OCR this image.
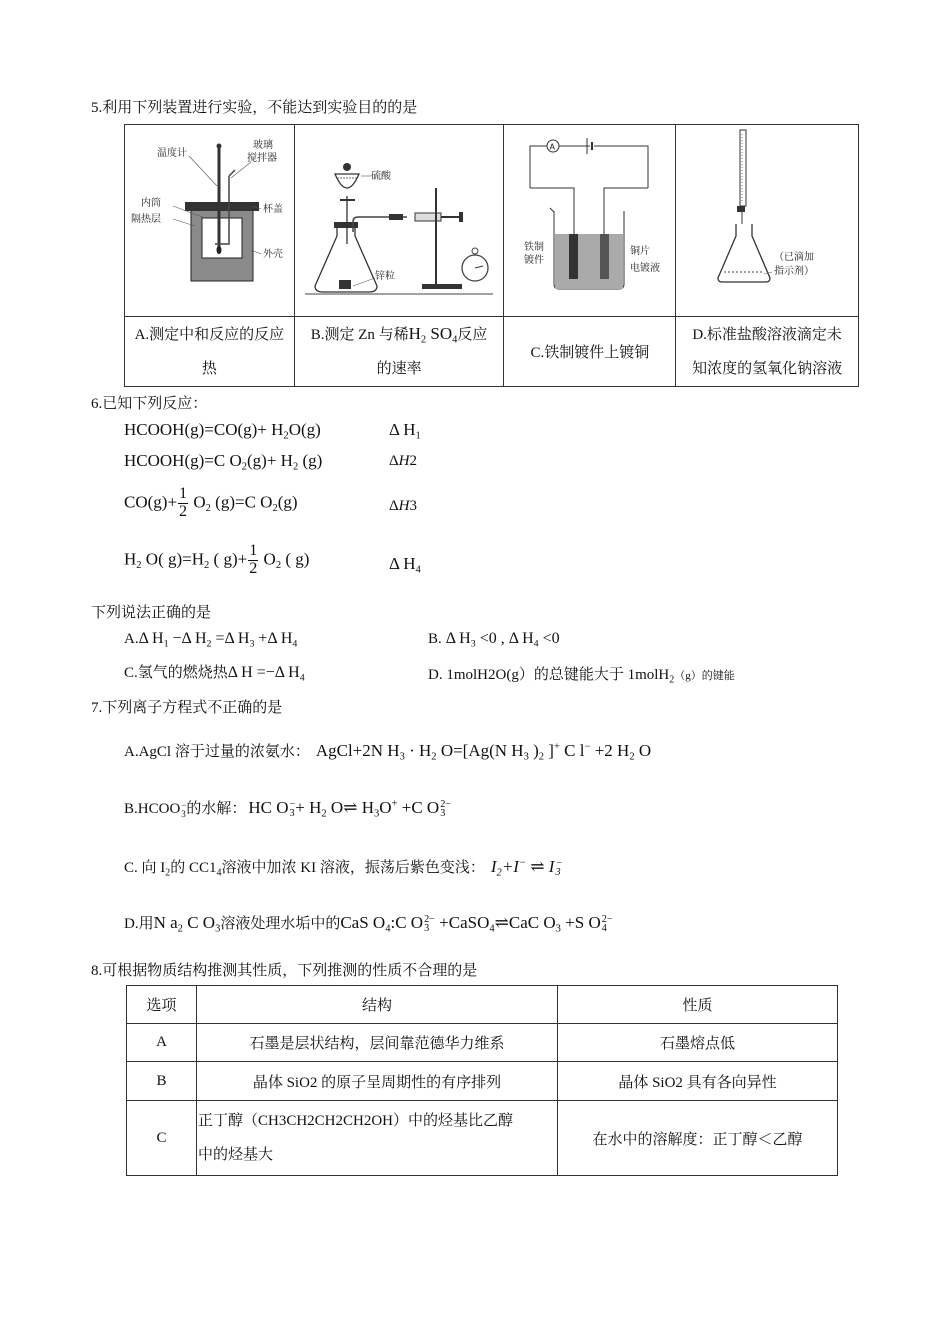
5.利用下列装置进行实验，不能达到实验目的的是
温度计
玻璃
搅拌器
内筒
杯盖
隔热层
外壳

硫酸
锌粒

A
铁制
镀件
铜片
电镀液

（已滴加
指示剂）

A.测定中和反应的反应
热

B.测定 Zn 与稀$H_2$ $SO_4$反应
的速率

C.铁制镀件上镀铜

D.标准盐酸溶液滴定未
知浓度的氢氧化钠溶液
6.已知下列反应：
HCOOH(g)=CO(g)+ $H_2O(g)$	Δ $H_1$
HCOOH(g)=C $O_2(g)+ H_2$ (g)	ΔH2
$CO(g)+ \frac{1}{2} O_2$ (g)=C $O_2(g)$	ΔH3
$H_2$ O( $g)=H_2$ ( $g)+ \frac{1}{2} O_2$ ( g)	Δ $H_4$
下列说法正确的是
A.Δ $H_1 -\Delta$ $H_2 =\Delta$ $H_3 +\Delta$ $H_4$	B. Δ $H_3 <0$ , Δ $H_4 <0$
C.氢气的燃烧热Δ H =−Δ $H_4$	D. 1molH2O(g）的总键能大于 1molH$_2$（g）的键能
7.下列离子方程式不正确的是
A.AgCl 溶于过量的浓氨水： AgCl+2N $H_3 \cdot H_2$ O=[Ag(N $H_3$ )$_2$ ]+ C l− +2 $H_2$ O
B.HCOO −
3 的水解： HC O −
$3 + H_2$ O⇌ $H_3O^+ +C$ O 2−
3
C. 向 $I_2$的 $CC1_4$溶液中加浓 KI 溶液，振荡后紫色变浅： $I_2+I^-$ ⇌ I −
3
D.用N $a_2$ C $O_3$溶液处理水垢中的CaS $O_4:C$ O 2−
3 +CaSO$_4$⇌CaC $O_3 +S$ O 2−
4
8.可根据物质结构推测其性质，下列推测的性质不合理的是
选项	结构	性质
A	石墨是层状结构，层间靠范德华力维系	石墨熔点低
B	晶体 SiO2 的原子呈周期性的有序排列	晶体 SiO2 具有各向异性
C	正丁醇（CH3CH2CH2CH2OH）中的烃基比乙醇
中的烃基大	在水中的溶解度：正丁醇＜乙醇
